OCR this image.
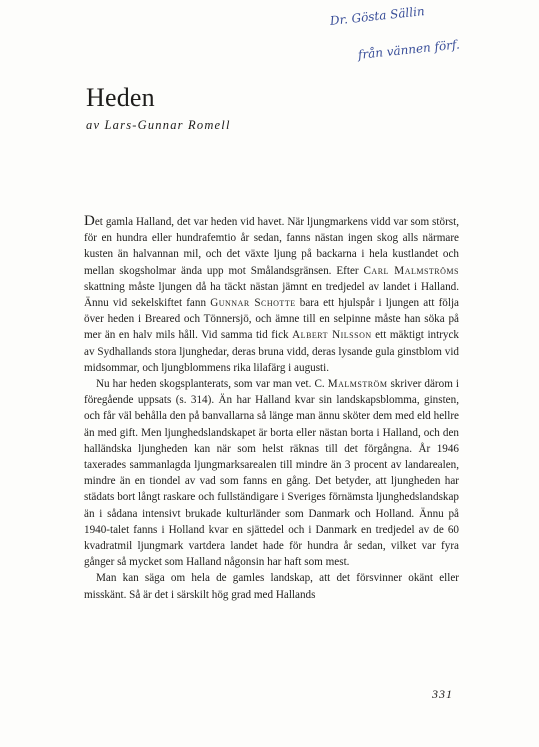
Dr. Gösta Sällin
från vännen förf.
Heden
av Lars-Gunnar Romell

Det gamla Halland, det var heden vid havet. När ljungmarkens vidd var som störst, för en hundra eller hundrafemtio år sedan, fanns nästan ingen skog alls närmare kusten än halvannan mil, och det växte ljung på backarna i hela kustlandet och mellan skogsholmar ända upp mot Smålandsgränsen. Efter Carl Malmströms skattning måste ljungen då ha täckt nästan jämnt en tredjedel av landet i Halland. Ännu vid sekelskiftet fann Gunnar Schotte bara ett hjulspår i ljungen att följa över heden i Breared och Tönnersjö, och ämne till en selpinne måste han söka på mer än en halv mils håll. Vid samma tid fick Albert Nilsson ett mäktigt intryck av Sydhallands stora ljunghedar, deras bruna vidd, deras lysande gula ginstblom vid midsommar, och ljungblommens rika lilafärg i augusti.

Nu har heden skogsplanterats, som var man vet. C. Malmström skriver därom i föregående uppsats (s. 314). Än har Halland kvar sin landskapsblomma, ginsten, och får väl behålla den på banvallarna så länge man ännu sköter dem med eld hellre än med gift. Men ljunghedslandskapet är borta eller nästan borta i Halland, och den halländska ljungheden kan när som helst räknas till det förgångna. År 1946 taxerades sammanlagda ljungmarksarealen till mindre än 3 procent av landarealen, mindre än en tiondel av vad som fanns en gång. Det betyder, att ljungheden har städats bort långt raskare och fullständigare i Sveriges förnämsta ljunghedslandskap än i sådana intensivt brukade kulturländer som Danmark och Holland. Ännu på 1940-talet fanns i Holland kvar en sjättedel och i Danmark en tredjedel av de 60 kvadratmil ljungmark vartdera landet hade för hundra år sedan, vilket var fyra gånger så mycket som Halland någonsin har haft som mest.

Man kan säga om hela de gamles landskap, att det försvinner okänt eller misskänt. Så är det i särskilt hög grad med Hallands

331
